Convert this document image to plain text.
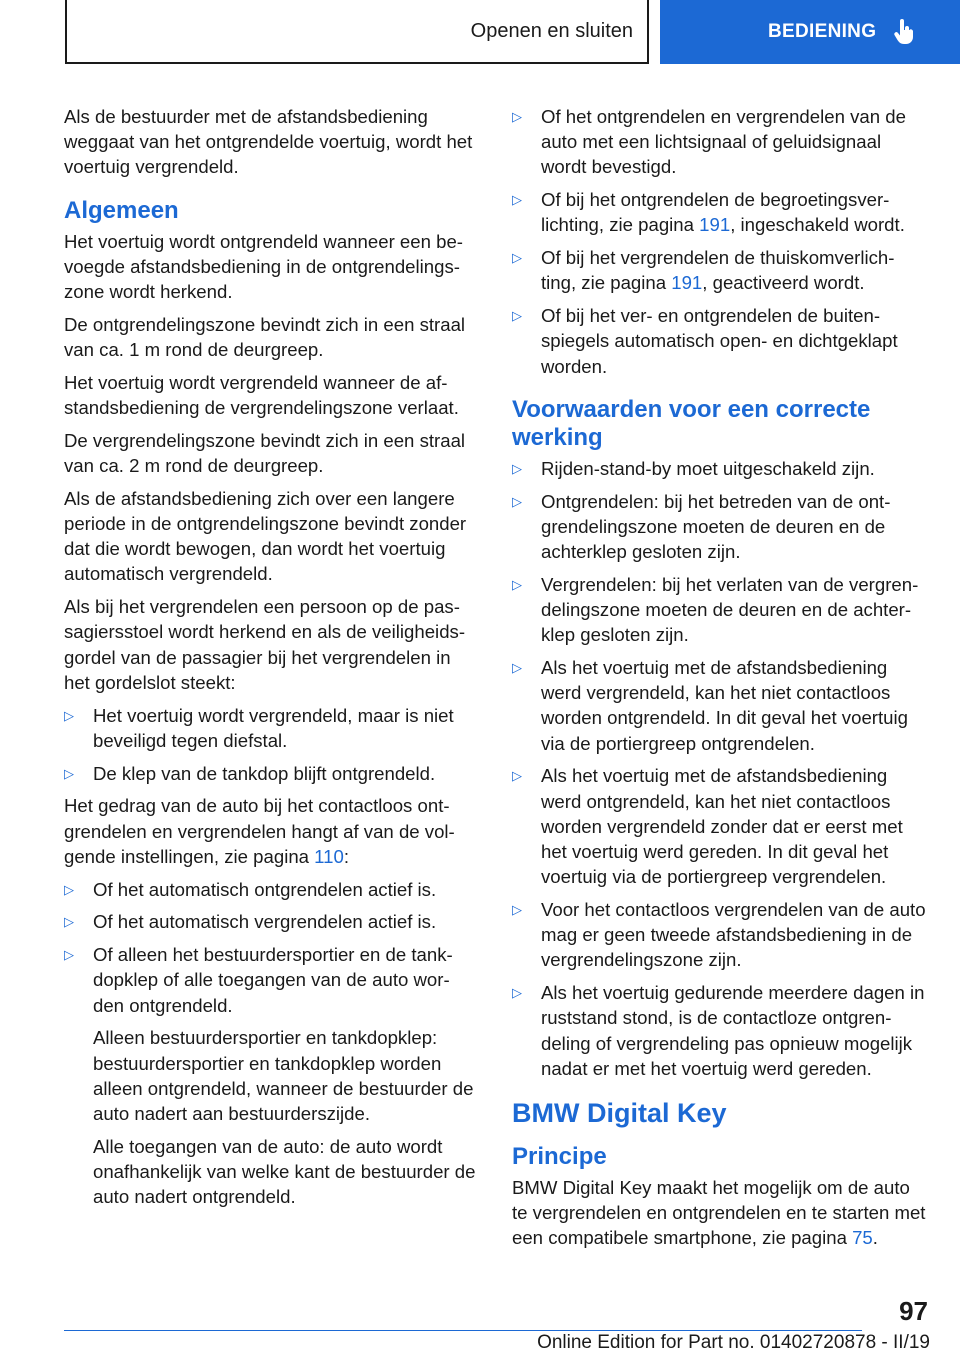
Openen en sluiten	BEDIENING

Als de bestuurder met de afstandsbediening weggaat van het ontgrendelde voertuig, wordt het voertuig vergrendeld.

Algemeen

Het voertuig wordt ontgrendeld wanneer een be-voegde afstandsbediening in de ontgrendelings-zone wordt herkend.

De ontgrendelingszone bevindt zich in een straal van ca. 1 m rond de deurgreep.

Het voertuig wordt vergrendeld wanneer de af-standsbediening de vergrendelingszone verlaat.

De vergrendelingszone bevindt zich in een straal van ca. 2 m rond de deurgreep.

Als de afstandsbediening zich over een langere periode in de ontgrendelingszone bevindt zonder dat die wordt bewogen, dan wordt het voertuig automatisch vergrendeld.

Als bij het vergrendelen een persoon op de pas-sagiersstoel wordt herkend en als de veiligheids-gordel van de passagier bij het vergrendelen in het gordelslot steekt:

▷ Het voertuig wordt vergrendeld, maar is niet beveiligd tegen diefstal.

▷ De klep van de tankdop blijft ontgrendeld.

Het gedrag van de auto bij het contactloos ont-grendelen en vergrendelen hangt af van de vol-gende instellingen, zie pagina 110:

▷ Of het automatisch ontgrendelen actief is.

▷ Of het automatisch vergrendelen actief is.

▷ Of alleen het bestuurdersportier en de tank-dopklep of alle toegangen van de auto wor-den ontgrendeld.

Alleen bestuurdersportier en tankdopklep: bestuurdersportier en tankdopklep worden alleen ontgrendeld, wanneer de bestuurder de auto nadert aan bestuurderszijde.

Alle toegangen van de auto: de auto wordt onafhankelijk van welke kant de bestuurder de auto nadert ontgrendeld.

▷ Of het ontgrendelen en vergrendelen van de auto met een lichtsignaal of geluidsignaal wordt bevestigd.

▷ Of bij het ontgrendelen de begroetingsver-lichting, zie pagina 191, ingeschakeld wordt.

▷ Of bij het vergrendelen de thuiskomverlich-ting, zie pagina 191, geactiveerd wordt.

▷ Of bij het ver- en ontgrendelen de buiten-spiegels automatisch open- en dichtgeklapt worden.

Voorwaarden voor een correcte werking
▷ Rijden-stand-by moet uitgeschakeld zijn.

▷ Ontgrendelen: bij het betreden van de ont-grendelingszone moeten de deuren en de achterklep gesloten zijn.

▷ Vergrendelen: bij het verlaten van de vergren-delingszone moeten de deuren en de achter-klep gesloten zijn.

▷ Als het voertuig met de afstandsbediening werd vergrendeld, kan het niet contactloos worden ontgrendeld. In dit geval het voertuig via de portiergreep ontgrendelen.

▷ Als het voertuig met de afstandsbediening werd ontgrendeld, kan het niet contactloos worden vergrendeld zonder dat er eerst met het voertuig werd gereden. In dit geval het voertuig via de portiergreep vergrendelen.

▷ Voor het contactloos vergrendelen van de auto mag er geen tweede afstandsbediening in de vergrendelingszone zijn.

▷ Als het voertuig gedurende meerdere dagen in ruststand stond, is de contactloze ontgren-deling of vergrendeling pas opnieuw mogelijk nadat er met het voertuig werd gereden.

BMW Digital Key
Principe

BMW Digital Key maakt het mogelijk om de auto te vergrendelen en ontgrendelen en te starten met een compatibele smartphone, zie pagina 75.

97
Online Edition for Part no. 01402720878 - II/19
